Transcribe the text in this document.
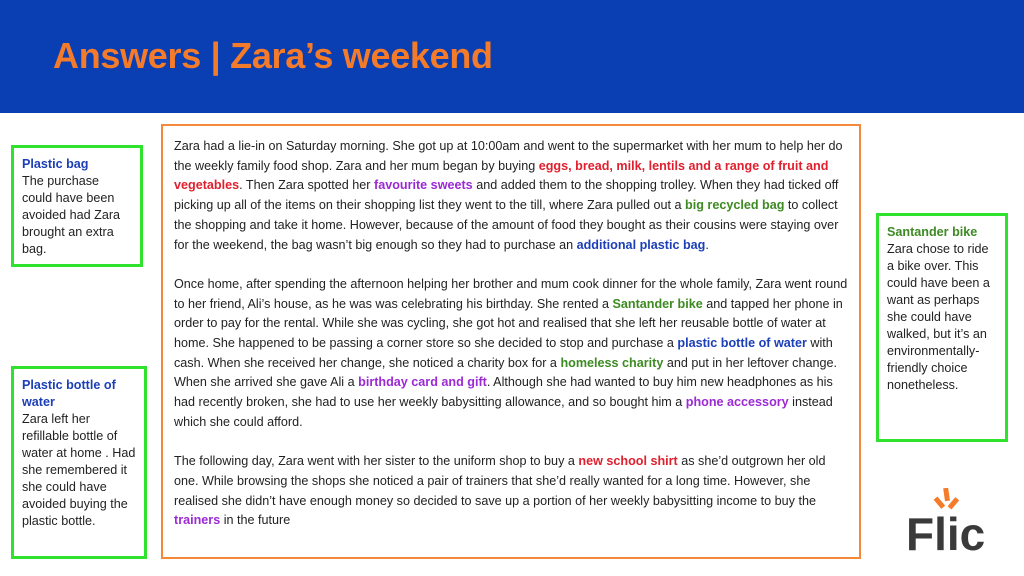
Answers | Zara’s weekend

Zara had a lie-in on Saturday morning. She got up at 10:00am and went to the supermarket with her mum to help her do the weekly family food shop. Zara and her mum began by buying eggs, bread, milk, lentils and a range of fruit and vegetables. Then Zara spotted her favourite sweets and added them to the shopping trolley. When they had ticked off picking up all of the items on their shopping list they went to the till, where Zara pulled out a big recycled bag to collect the shopping and take it home. However, because of the amount of food they bought as their cousins were staying over for the weekend, the bag wasn’t big enough so they had to purchase an additional plastic bag.

Once home, after spending the afternoon helping her brother and mum cook dinner for the whole family, Zara went round to her friend, Ali’s house, as he was was celebrating his birthday. She rented a Santander bike and tapped her phone in order to pay for the rental. While she was cycling, she got hot and realised that she left her reusable bottle of water at home. She happened to be passing a corner store so she decided to stop and purchase a plastic bottle of water with cash. When she received her change, she noticed a charity box for a homeless charity and put in her leftover change. When she arrived she gave Ali a birthday card and gift. Although she had wanted to buy him new headphones as his had recently broken, she had to use her weekly babysitting allowance, and so bought him a phone accessory instead which she could afford.

The following day, Zara went with her sister to the uniform shop to buy a new school shirt as she’d outgrown her old one. While browsing the shops she noticed a pair of trainers that she’d really wanted for a long time. However, she realised she didn’t have enough money so decided to save up a portion of her weekly babysitting income to buy the trainers in the future

Plastic bag
The purchase could have been avoided had Zara brought an extra bag.
Plastic bottle of water
Zara left her refillable bottle of water at home . Had she remembered it she could have avoided buying the plastic bottle.
Santander bike
Zara chose to ride a bike over. This could have been a want as perhaps she could have walked, but it’s an environmentally-friendly choice nonetheless.
Flic
